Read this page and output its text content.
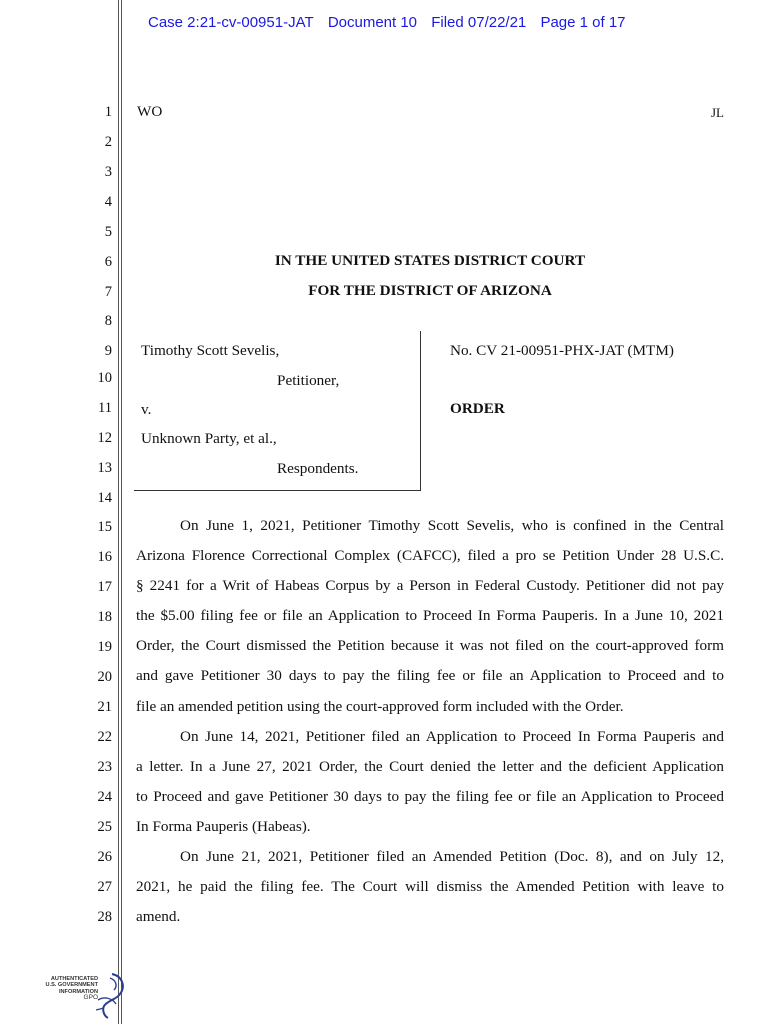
Case 2:21-cv-00951-JAT Document 10 Filed 07/22/21 Page 1 of 17
1
2
3
4
5
6
7
8
9
10
11
12
13
14
15
16
17
18
19
20
21
22
23
24
25
26
27
28
WO	JL
IN THE UNITED STATES DISTRICT COURT
FOR THE DISTRICT OF ARIZONA
Timothy Scott Sevelis,
Petitioner,
v.
Unknown Party, et al.,
Respondents.
No. CV 21-00951-PHX-JAT (MTM)
ORDER
On June 1, 2021, Petitioner Timothy Scott Sevelis, who is confined in the Central
Arizona Florence Correctional Complex (CAFCC), filed a pro se Petition Under 28 U.S.C.
§ 2241 for a Writ of Habeas Corpus by a Person in Federal Custody. Petitioner did not pay
the $5.00 filing fee or file an Application to Proceed In Forma Pauperis. In a June 10, 2021
Order, the Court dismissed the Petition because it was not filed on the court-approved form
and gave Petitioner 30 days to pay the filing fee or file an Application to Proceed and to
file an amended petition using the court-approved form included with the Order.
On June 14, 2021, Petitioner filed an Application to Proceed In Forma Pauperis and
a letter. In a June 27, 2021 Order, the Court denied the letter and the deficient Application
to Proceed and gave Petitioner 30 days to pay the filing fee or file an Application to Proceed
In Forma Pauperis (Habeas).
On June 21, 2021, Petitioner filed an Amended Petition (Doc. 8), and on July 12,
2021, he paid the filing fee. The Court will dismiss the Amended Petition with leave to
amend.
AUTHENTICATED
U.S. GOVERNMENT
INFORMATION
GPO
